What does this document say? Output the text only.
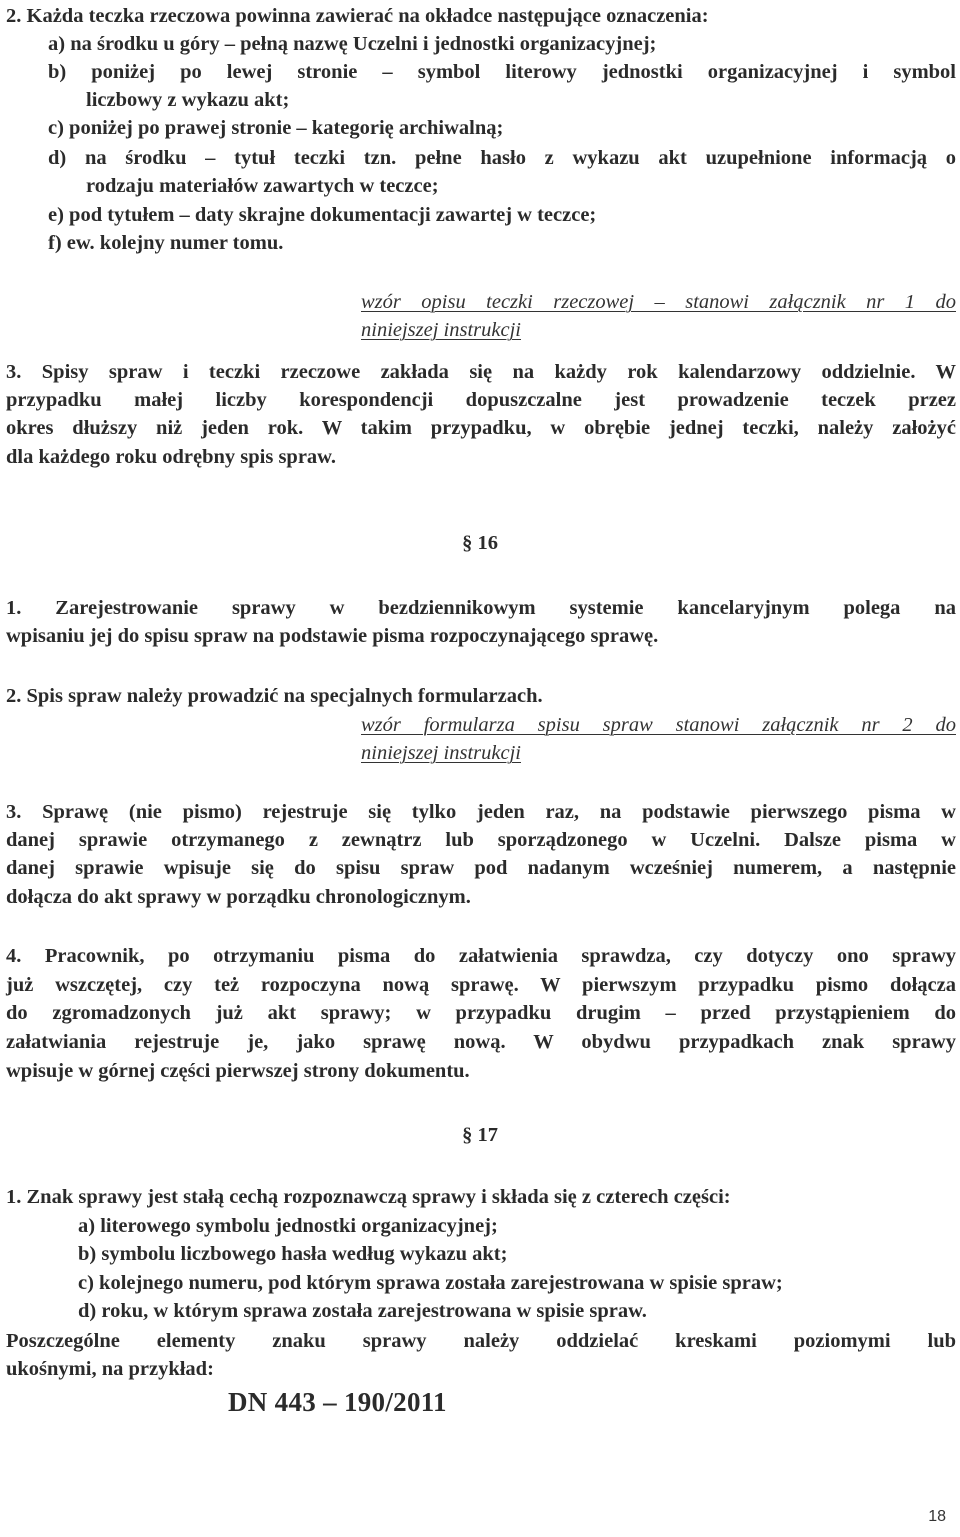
2. Każda teczka rzeczowa powinna zawierać na okładce następujące oznaczenia:
a) na środku u góry – pełną nazwę Uczelni i jednostki organizacyjnej;
b) poniżej po lewej stronie – symbol literowy jednostki organizacyjnej i symbol
liczbowy z wykazu akt;
c) poniżej po prawej stronie – kategorię archiwalną;
d) na środku – tytuł teczki tzn. pełne hasło z wykazu akt uzupełnione informacją o
rodzaju materiałów zawartych w teczce;
e) pod tytułem – daty skrajne dokumentacji zawartej w teczce;
f) ew. kolejny numer tomu.
wzór opisu teczki rzeczowej – stanowi załącznik nr 1 do
niniejszej instrukcji
3. Spisy spraw i teczki rzeczowe zakłada się na każdy rok kalendarzowy oddzielnie. W
przypadku małej liczby korespondencji dopuszczalne jest prowadzenie teczek przez
okres dłuższy niż jeden rok. W takim przypadku, w obrębie jednej teczki, należy założyć
dla każdego roku odrębny spis spraw.
§ 16
1. Zarejestrowanie sprawy w bezdziennikowym systemie kancelaryjnym polega na
wpisaniu jej do spisu spraw na podstawie pisma rozpoczynającego sprawę.
2. Spis spraw należy prowadzić na specjalnych formularzach.
wzór formularza spisu spraw stanowi załącznik nr 2 do
niniejszej instrukcji
3. Sprawę (nie pismo) rejestruje się tylko jeden raz, na podstawie pierwszego pisma w
danej sprawie otrzymanego z zewnątrz lub sporządzonego w Uczelni. Dalsze pisma w
danej sprawie wpisuje się do spisu spraw pod nadanym wcześniej numerem, a następnie
dołącza do akt sprawy w porządku chronologicznym.
4. Pracownik, po otrzymaniu pisma do załatwienia sprawdza, czy dotyczy ono sprawy
już wszczętej, czy też rozpoczyna nową sprawę. W pierwszym przypadku pismo dołącza
do zgromadzonych już akt sprawy; w przypadku drugim – przed przystąpieniem do
załatwiania rejestruje je, jako sprawę nową. W obydwu przypadkach znak sprawy
wpisuje w górnej części pierwszej strony dokumentu.
§ 17
1. Znak sprawy jest stałą cechą rozpoznawczą sprawy i składa się z czterech części:
a) literowego symbolu jednostki organizacyjnej;
b) symbolu liczbowego hasła według wykazu akt;
c) kolejnego numeru, pod którym sprawa została zarejestrowana w spisie spraw;
d) roku, w którym sprawa została zarejestrowana w spisie spraw.
Poszczególne elementy znaku sprawy należy oddzielać kreskami poziomymi lub
ukośnymi, na przykład:
DN 443 – 190/2011
18
